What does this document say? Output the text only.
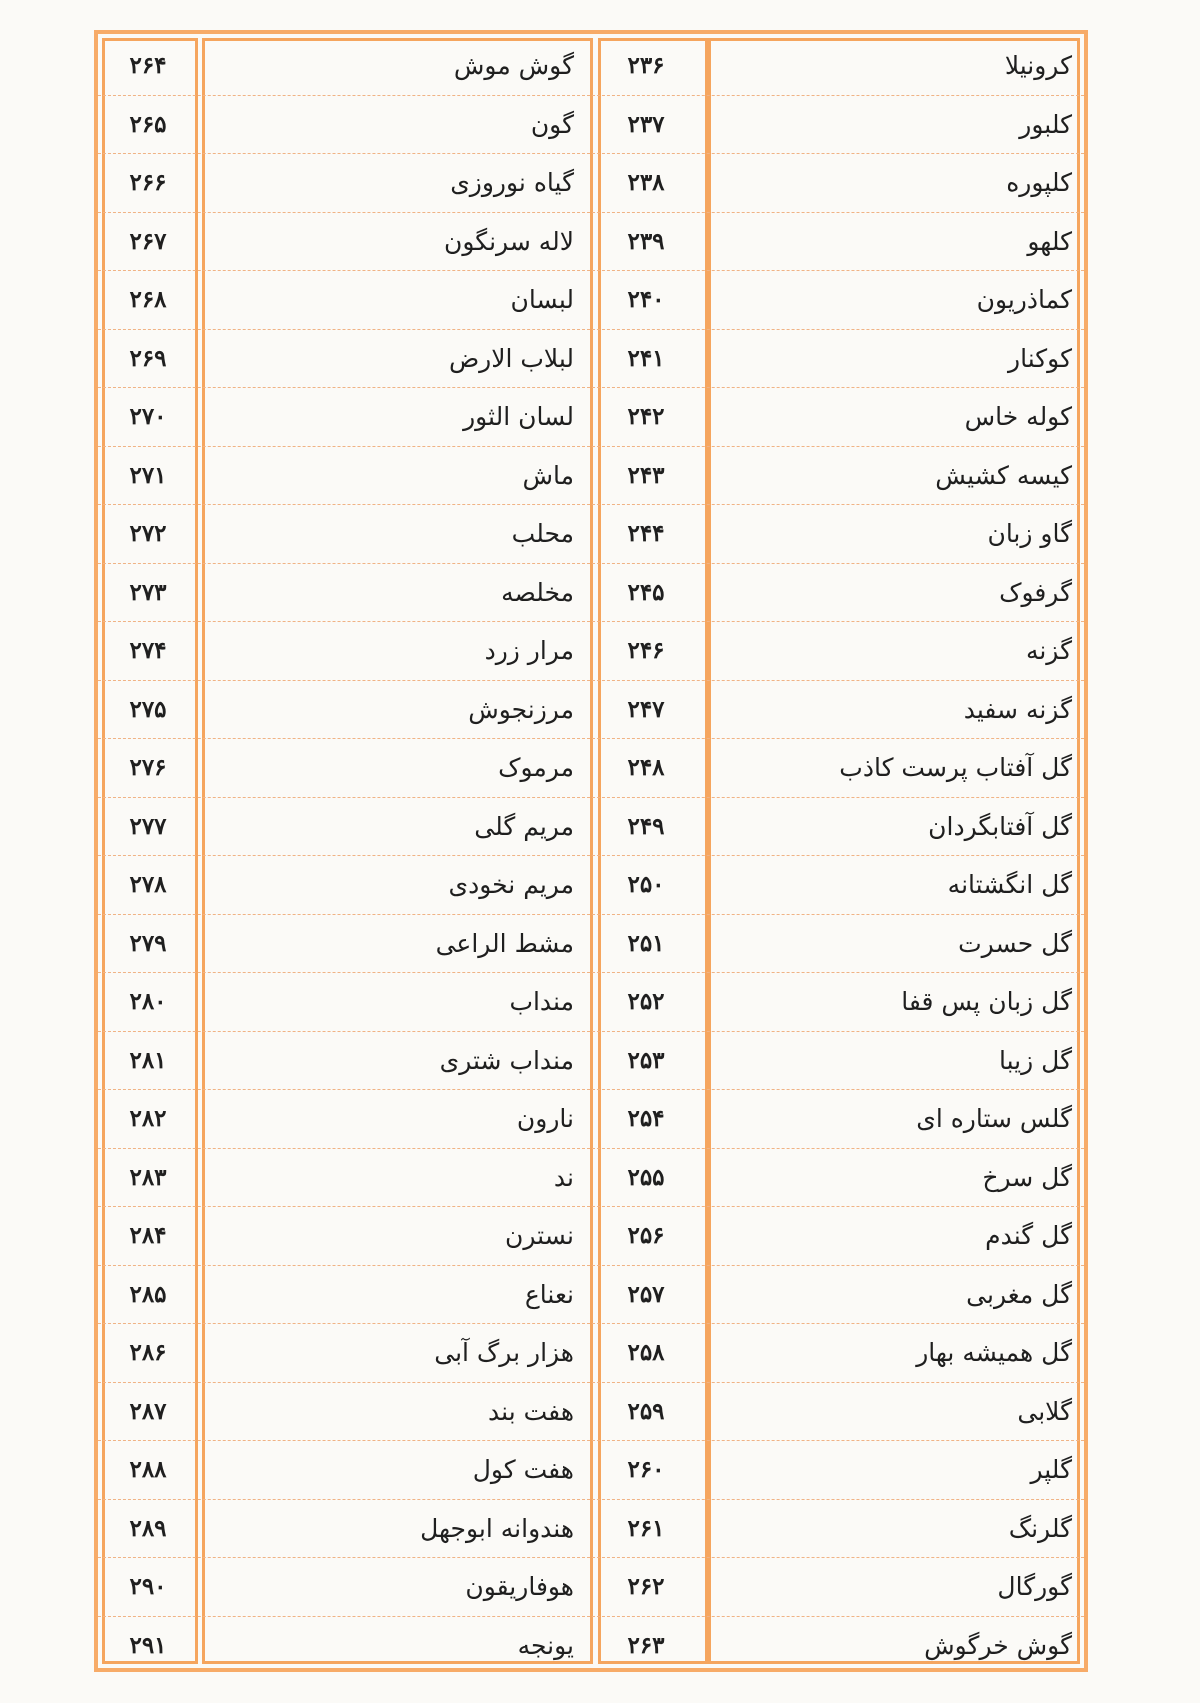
کرونیلا
۲۳۶
گوش موش
۲۶۴
کلبور
۲۳۷
گون
۲۶۵
کلپوره
۲۳۸
گیاه نوروزی
۲۶۶
کلهو
۲۳۹
لاله سرنگون
۲۶۷
کماذریون
۲۴۰
لبسان
۲۶۸
کوکنار
۲۴۱
لبلاب الارض
۲۶۹
کوله خاس
۲۴۲
لسان الثور
۲۷۰
کیسه کشیش
۲۴۳
ماش
۲۷۱
گاو زبان
۲۴۴
محلب
۲۷۲
گرفوک
۲۴۵
مخلصه
۲۷۳
گزنه
۲۴۶
مرار زرد
۲۷۴
گزنه سفید
۲۴۷
مرزنجوش
۲۷۵
گل آفتاب پرست کاذب
۲۴۸
مرموک
۲۷۶
گل آفتابگردان
۲۴۹
مریم گلی
۲۷۷
گل انگشتانه
۲۵۰
مریم نخودی
۲۷۸
گل حسرت
۲۵۱
مشط الراعی
۲۷۹
گل زبان پس قفا
۲۵۲
منداب
۲۸۰
گل زیبا
۲۵۳
منداب شتری
۲۸۱
گلس ستاره ای
۲۵۴
نارون
۲۸۲
گل سرخ
۲۵۵
ند
۲۸۳
گل گندم
۲۵۶
نسترن
۲۸۴
گل مغربی
۲۵۷
نعناع
۲۸۵
گل همیشه بهار
۲۵۸
هزار برگ آبی
۲۸۶
گلابی
۲۵۹
هفت بند
۲۸۷
گلپر
۲۶۰
هفت کول
۲۸۸
گلرنگ
۲۶۱
هندوانه ابوجهل
۲۸۹
گورگال
۲۶۲
هوفاریقون
۲۹۰
گوش خرگوش
۲۶۳
یونجه
۲۹۱
